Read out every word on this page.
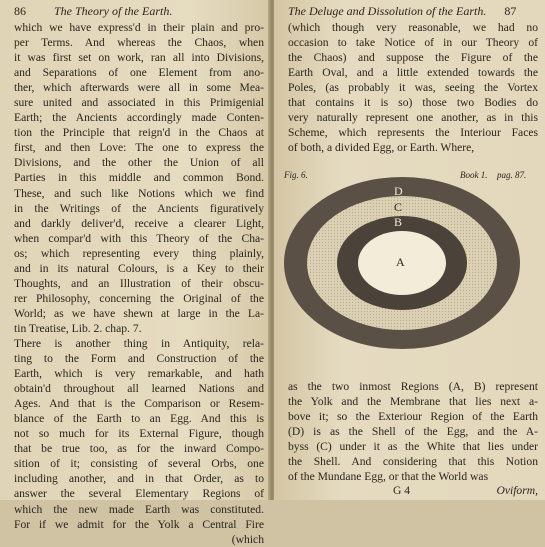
86 The Theory of the Earth.
which we have express'd in their plain and pro-
per Terms. And whereas the Chaos, when
it was first set on work, ran all into Divisions,
and Separations of one Element from ano-
ther, which afterwards were all in some Mea-
sure united and associated in this Primigenial
Earth; the Ancients accordingly made Conten-
tion the Principle that reign'd in the Chaos at
first, and then Love: The one to express the
Divisions, and the other the Union of all
Parties in this middle and common Bond.
These, and such like Notions which we find
in the Writings of the Ancients figuratively
and darkly deliver'd, receive a clearer Light,
when compar'd with this Theory of the Cha-
os; which representing every thing plainly,
and in its natural Colours, is a Key to their
Thoughts, and an Illustration of their obscu-
rer Philosophy, concerning the Original of the
World; as we have shewn at large in the La-
tin Treatise, Lib. 2. chap. 7.
There is another thing in Antiquity, rela-
ting to the Form and Construction of the
Earth, which is very remarkable, and hath
obtain'd throughout all learned Nations and
Ages. And that is the Comparison or Resem-
blance of the Earth to an Egg. And this is
not so much for its External Figure, though
that be true too, as for the inward Compo-
sition of it; consisting of several Orbs, one
including another, and in that Order, as to
answer the several Elementary Regions of
which the new made Earth was constituted.
For if we admit for the Yolk a Central Fire
(which
The Deluge and Dissolution of the Earth. 87
(which though very reasonable, we had no
occasion to take Notice of in our Theory of
the Chaos) and suppose the Figure of the
Earth Oval, and a little extended towards the
Poles, (as probably it was, seeing the Vortex
that contains it is so) those two Bodies do
very naturally represent one another, as in this
Scheme, which represents the Interiour Faces
of both, a divided Egg, or Earth. Where,
Fig. 6.	Book 1. pag. 87.
D
C
B
A
as the two inmost Regions (A, B) represent
the Yolk and the Membrane that lies next a-
bove it; so the Exteriour Region of the Earth
(D) is as the Shell of the Egg, and the A-
byss (C) under it as the White that lies under
the Shell. And considering that this Notion
of the Mundane Egg, or that the World was
G 4	Oviform,
